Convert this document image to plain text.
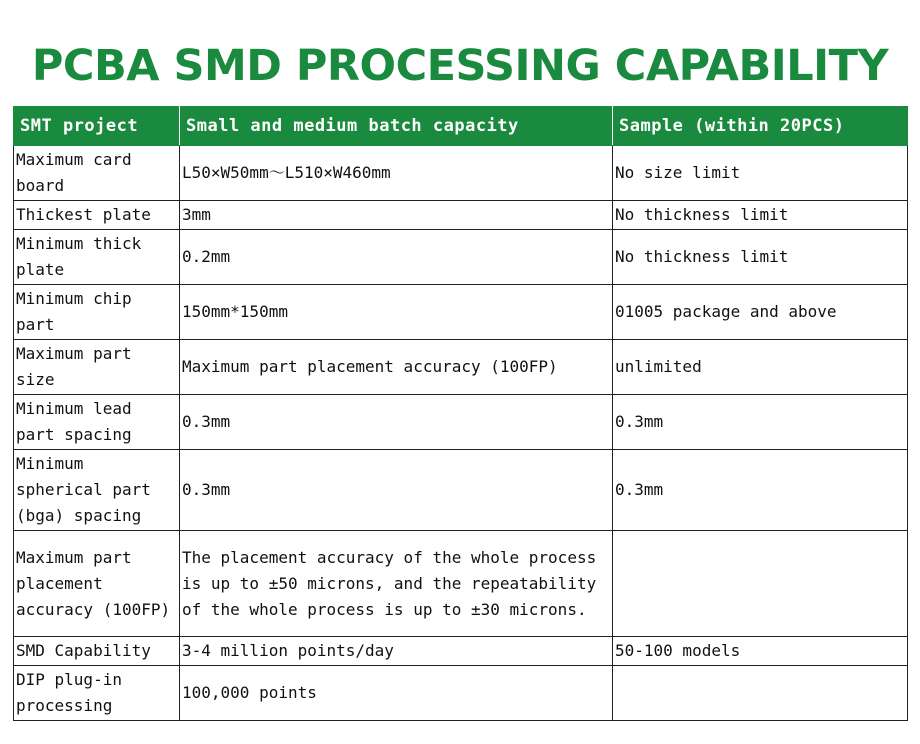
PCBA SMD PROCESSING CAPABILITY
SMT project	Small and medium batch capacity	Sample (within 20PCS)
Maximum card board	L50×W50mm～L510×W460mm	No size limit
Thickest plate	3mm	No thickness limit
Minimum thick plate	0.2mm	No thickness limit
Minimum chip part	150mm*150mm	01005 package and above
Maximum part size	Maximum part placement accuracy (100FP)	unlimited
Minimum lead part spacing	0.3mm	0.3mm
Minimum spherical part (bga) spacing	0.3mm	0.3mm
Maximum part placement accuracy (100FP)	The placement accuracy of the whole process is up to ±50 microns, and the repeatability of the whole process is up to ±30 microns.	
SMD Capability	3-4 million points/day	50-100 models
DIP plug-in processing	100,000 points	
